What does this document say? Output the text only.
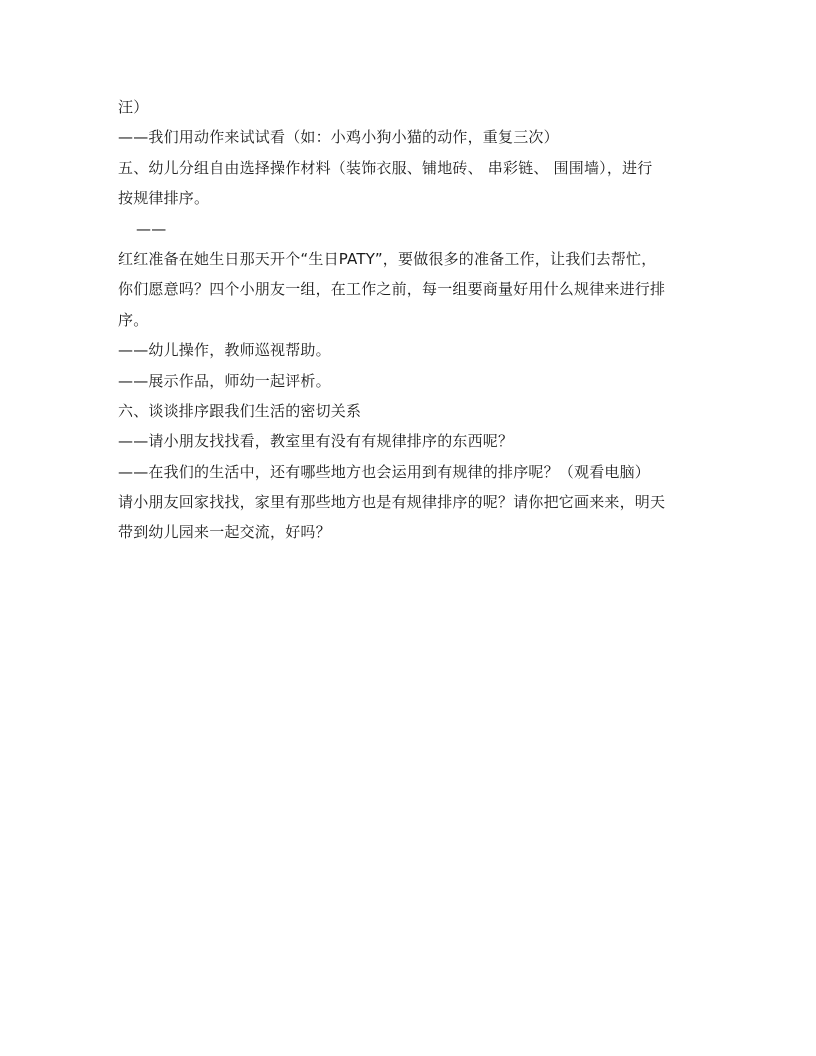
汪）
——我们用动作来试试看（如：小鸡小狗小猫的动作，重复三次）
五、幼儿分组自由选择操作材料（装饰衣服、铺地砖、 串彩链、 围围墙），进行
按规律排序。
——
红红准备在她生日那天开个“生日PATY”，要做很多的准备工作，让我们去帮忙，
你们愿意吗？四个小朋友一组，在工作之前，每一组要商量好用什么规律来进行排
序。
——幼儿操作，教师巡视帮助。
——展示作品，师幼一起评析。
六、谈谈排序跟我们生活的密切关系
——请小朋友找找看，教室里有没有有规律排序的东西呢？
——在我们的生活中，还有哪些地方也会运用到有规律的排序呢？（观看电脑）
请小朋友回家找找，家里有那些地方也是有规律排序的呢？请你把它画来来，明天
带到幼儿园来一起交流，好吗？
